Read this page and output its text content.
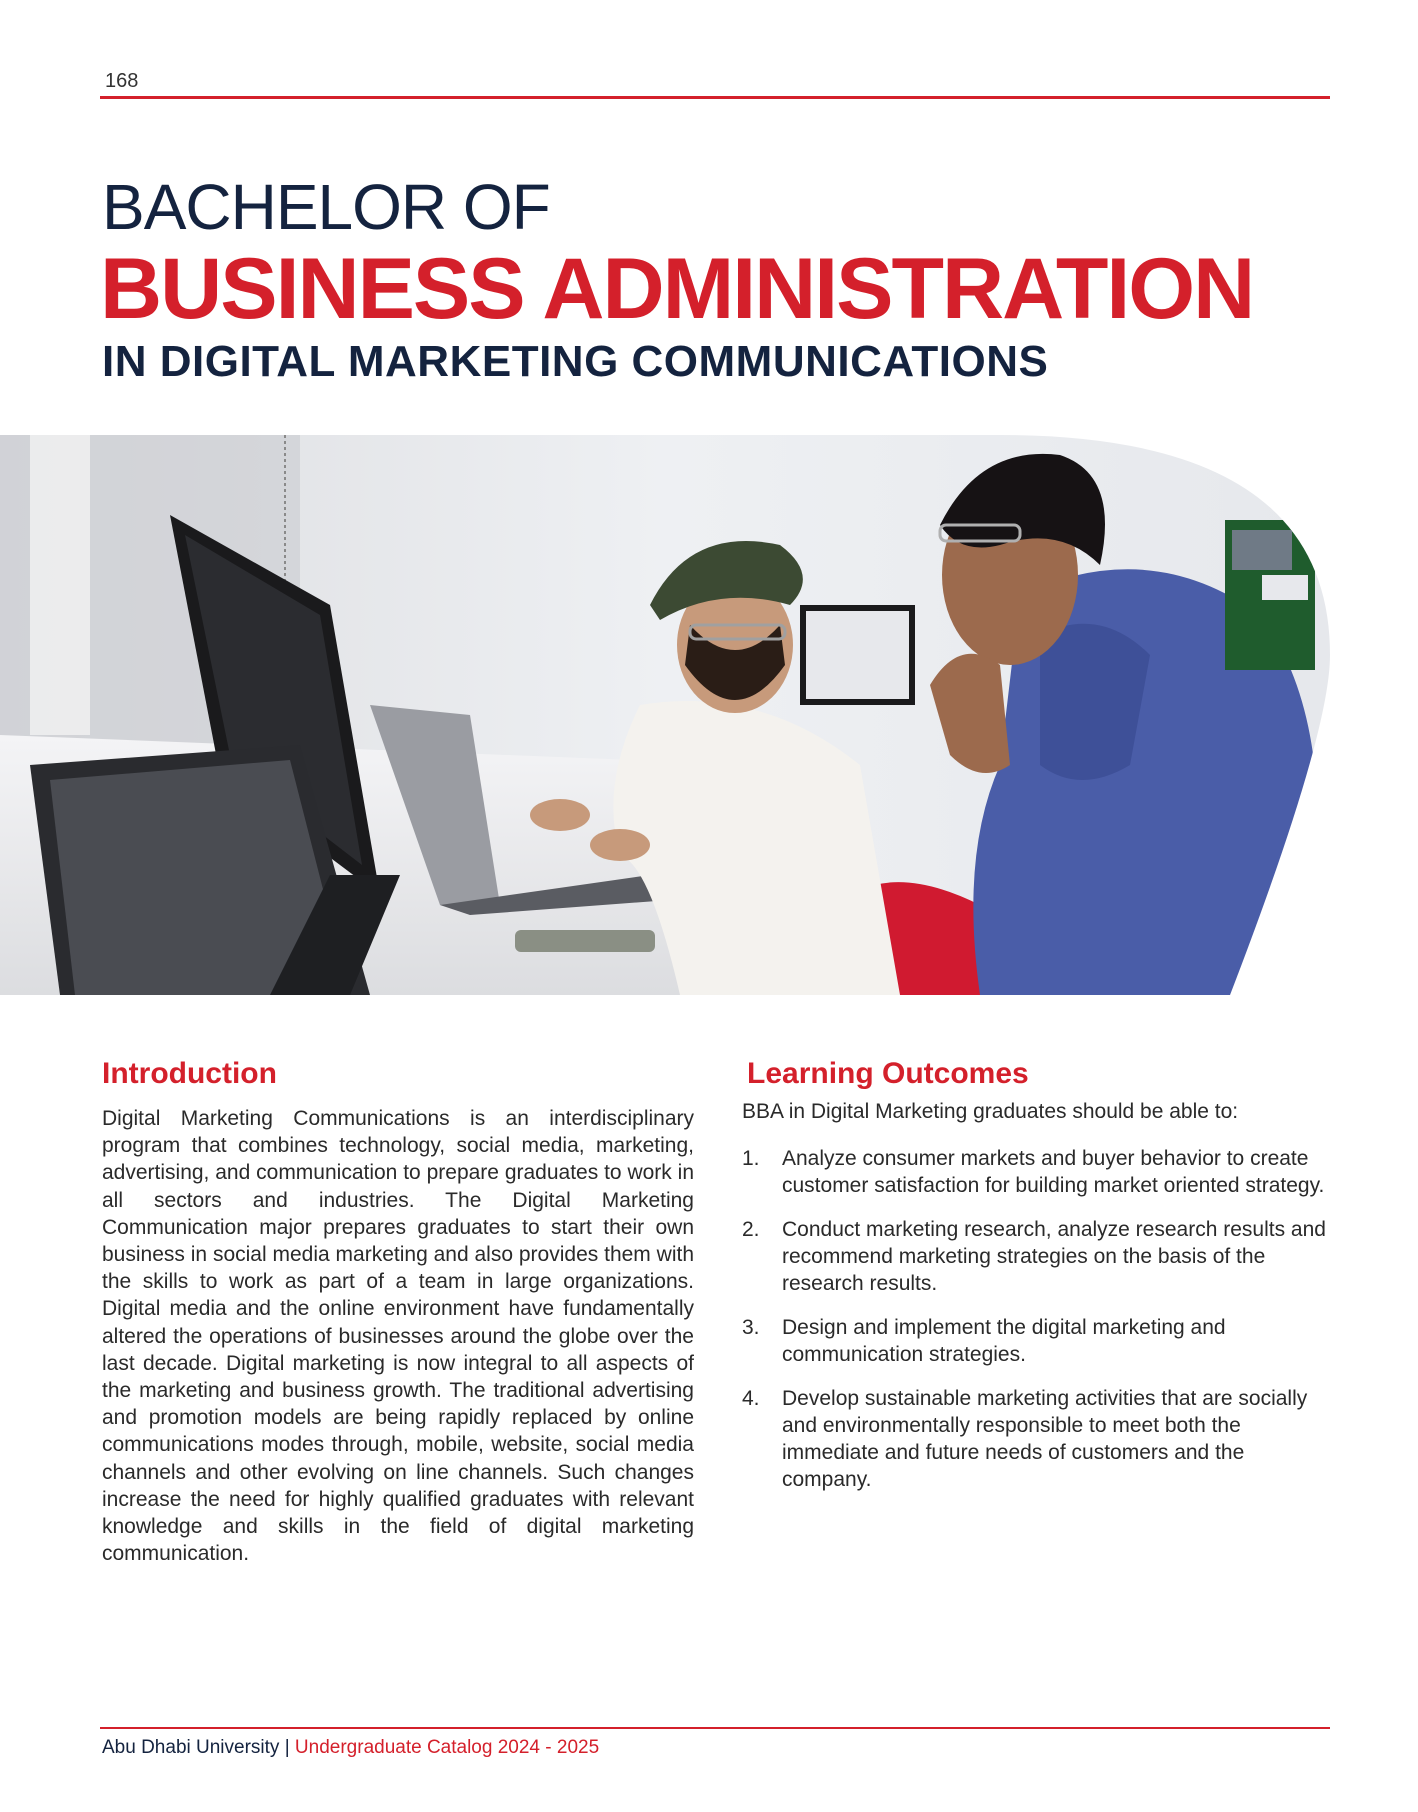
168
BACHELOR OF
BUSINESS ADMINISTRATION
IN DIGITAL MARKETING COMMUNICATIONS
Introduction

Digital Marketing Communications is an interdisciplinary program that combines technology, social media, marketing, advertising, and communication to prepare graduates to work in all sectors and industries. The Digital Marketing Communication major prepares graduates to start their own business in social media marketing and also provides them with the skills to work as part of a team in large organizations. Digital media and the online environment have fundamentally altered the operations of businesses around the globe over the last decade. Digital marketing is now integral to all aspects of the marketing and business growth. The traditional advertising and promotion models are being rapidly replaced by online communications modes through, mobile, website, social media channels and other evolving on line channels. Such changes increase the need for highly qualified graduates with relevant knowledge and skills in the field of digital marketing communication.

Learning Outcomes

BBA in Digital Marketing graduates should be able to:

1. Analyze consumer markets and buyer behavior to create customer satisfaction for building market oriented strategy.
2. Conduct marketing research, analyze research results and recommend marketing strategies on the basis of the research results.
3. Design and implement the digital marketing and communication strategies.
4. Develop sustainable marketing activities that are socially and environmentally responsible to meet both the immediate and future needs of customers and the company.
Abu Dhabi University | Undergraduate Catalog 2024 - 2025
